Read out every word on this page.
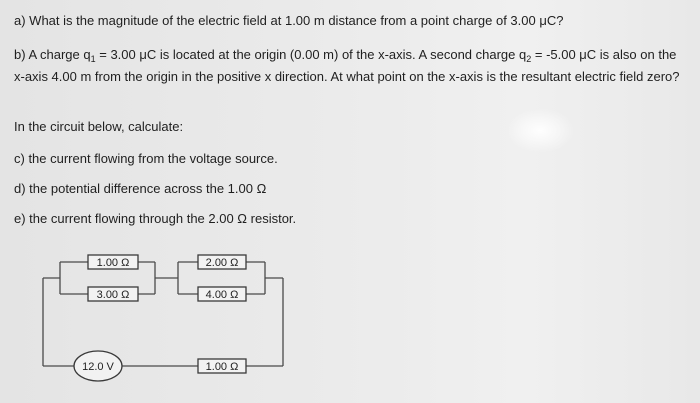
a) What is the magnitude of the electric field at 1.00 m distance from a point charge of 3.00 μC?
b) A charge $q_1 = 3.00$ μC is located at the origin (0.00 m) of the x-axis. A second charge $q_2 = -5.00$ μC is also on the x-axis 4.00 m from the origin in the positive x direction. At what point on the x-axis is the resultant electric field zero?
In the circuit below, calculate:
c) the current flowing from the voltage source.
d) the potential difference across the 1.00 Ω
e) the current flowing through the 2.00 Ω resistor.
1.00 Ω
3.00 Ω
2.00 Ω
4.00 Ω
1.00 Ω
12.0 V
